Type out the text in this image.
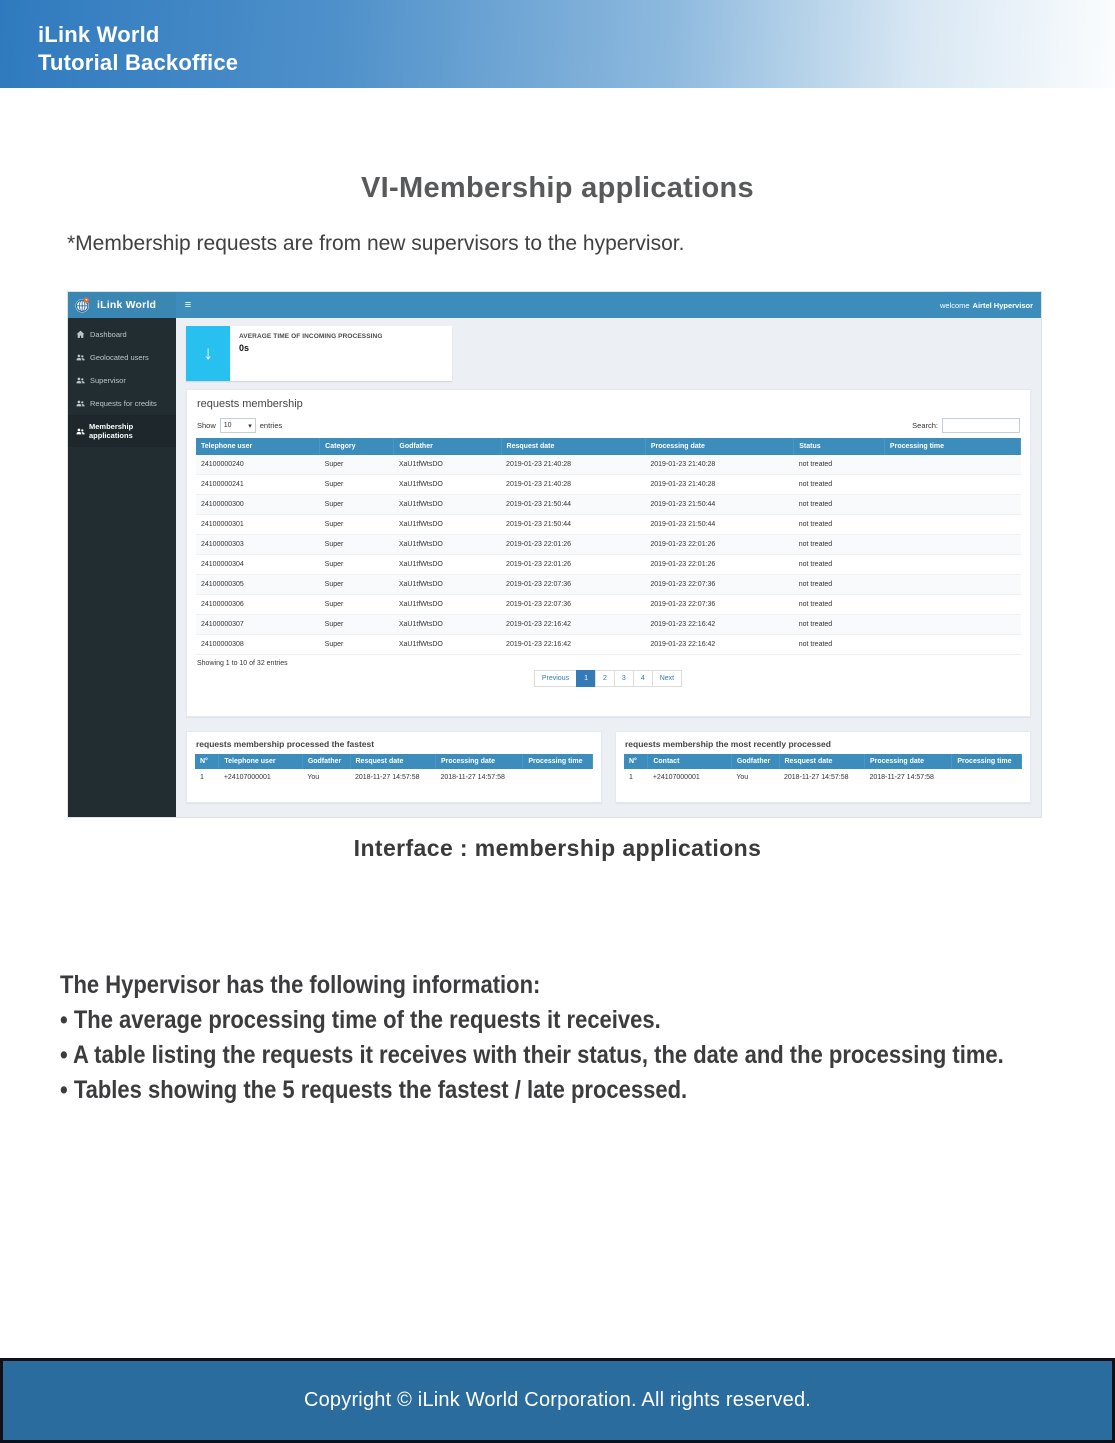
iLink World
Tutorial Backoffice
VI-Membership applications
*Membership requests are from new supervisors to the hypervisor.
iLink World	≡	welcome Airtel Hypervisor
Dashboard
Geolocated users
Supervisor
Requests for credits
Membership applications
↓
AVERAGE TIME OF INCOMING PROCESSING
0s
requests membership
Show 10 ▾ entries	Search:
Telephone user	Category	Godfather	Resquest date	Processing date	Status	Processing time
24100000240	Super	XaU1tfWtsDO	2019-01-23 21:40:28	2019-01-23 21:40:28	not treated	
24100000241	Super	XaU1tfWtsDO	2019-01-23 21:40:28	2019-01-23 21:40:28	not treated	
24100000300	Super	XaU1tfWtsDO	2019-01-23 21:50:44	2019-01-23 21:50:44	not treated	
24100000301	Super	XaU1tfWtsDO	2019-01-23 21:50:44	2019-01-23 21:50:44	not treated	
24100000303	Super	XaU1tfWtsDO	2019-01-23 22:01:26	2019-01-23 22:01:26	not treated	
24100000304	Super	XaU1tfWtsDO	2019-01-23 22:01:26	2019-01-23 22:01:26	not treated	
24100000305	Super	XaU1tfWtsDO	2019-01-23 22:07:36	2019-01-23 22:07:36	not treated	
24100000306	Super	XaU1tfWtsDO	2019-01-23 22:07:36	2019-01-23 22:07:36	not treated	
24100000307	Super	XaU1tfWtsDO	2019-01-23 22:16:42	2019-01-23 22:16:42	not treated	
24100000308	Super	XaU1tfWtsDO	2019-01-23 22:16:42	2019-01-23 22:16:42	not treated	
Showing 1 to 10 of 32 entries
Previous	1	2	3	4	Next
requests membership processed the fastest
N°	Telephone user	Godfather	Resquest date	Processing date	Processing time
1	+24107000001	You	2018-11-27 14:57:58	2018-11-27 14:57:58	
requests membership the most recently processed
N°	Contact	Godfather	Resquest date	Processing date	Processing time
1	+24107000001	You	2018-11-27 14:57:58	2018-11-27 14:57:58	
Interface : membership applications
The Hypervisor has the following information:
• The average processing time of the requests it receives.
• A table listing the requests it receives with their status, the date and the processing time.
• Tables showing the 5 requests the fastest / late processed.
Copyright © iLink World Corporation. All rights reserved.
